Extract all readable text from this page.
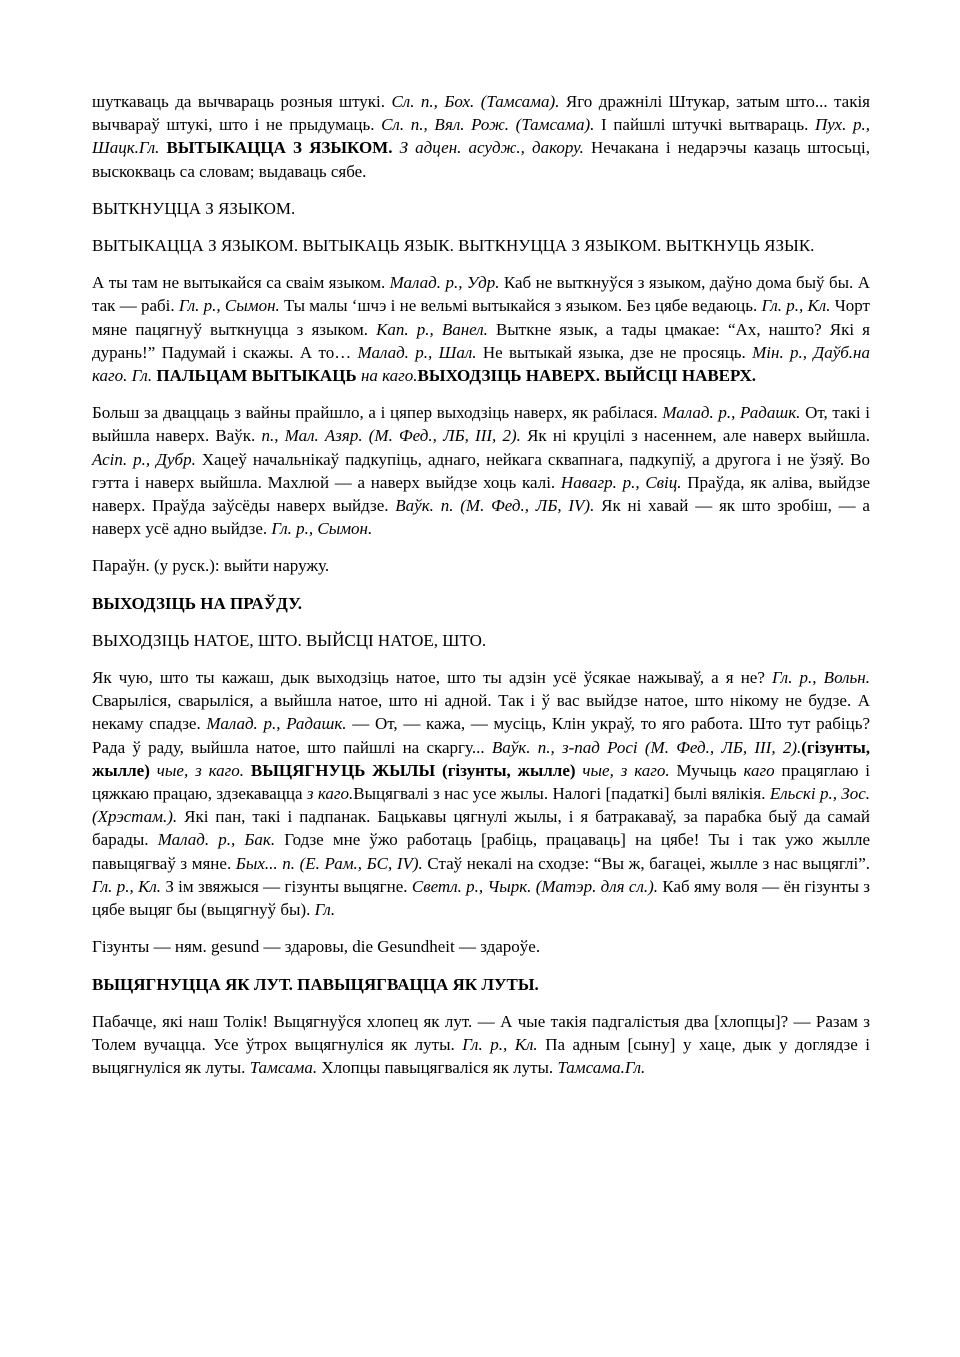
шуткаваць да вычвараць розныя штукі. Сл. п., Бох. (Тамсама). Яго дражнілі Штукар, затым што... такія вычвараў штукі, што і не прыдумаць. Сл. п., Вял. Рож. (Тамсама). І пайшлі штучкі вытвараць. Пух. р., Шацк.Гл. ВЫТЫКАЦЦА З ЯЗЫКОМ. З адцен. асудж., дакору. Нечакана і недарэчы казаць штосьці, выскокваць са словам; выдаваць сябе.

ВЫТКНУЦЦА З ЯЗЫКОМ.

ВЫТЫКАЦЦА З ЯЗЫКОМ. ВЫТЫКАЦЬ ЯЗЫК. ВЫТКНУЦЦА З ЯЗЫКОМ. ВЫТКНУЦЬ ЯЗЫК.

А ты там не вытыкайся са сваім языком. Малад. р., Удр. Каб не выткнуўся з языком, даўно дома быў бы. А так — рабі. Гл. р., Сымон. Ты малы ‘шчэ і не вельмі вытыкайся з языком. Без цябе ведаюць. Гл. р., Кл. Чорт мяне пацягнуў выткнуцца з языком. Кап. р., Ванел. Выткне язык, а тады цмакае: “Ах, нашто? Які я дурань!” Падумай і скажы. А то… Малад. р., Шал. Не вытыкай языка, дзе не просяць. Мін. р., Даўб.на каго. Гл. ПАЛЬЦАМ ВЫТЫКАЦЬ на каго.ВЫХОДЗІЦЬ НАВЕРХ. ВЫЙСЦІ НАВЕРХ.

Больш за дваццаць з вайны прайшло, а і цяпер выходзіць наверх, як рабілася. Малад. р., Радашк. От, такі і выйшла наверх. Ваўк. п., Мал. Азяр. (М. Фед., ЛБ, ІІІ, 2). Як ні круцілі з насеннем, але наверх выйшла. Асіп. р., Дубр. Хацеў начальнікаў падкупіць, аднаго, нейкага сквапнага, падкупіў, а другога і не ўзяў. Во гэтта і наверх выйшла. Махлюй — а наверх выйдзе хоць калі. Навагр. р., Свіц. Праўда, як аліва, выйдзе наверх. Праўда заўсёды наверх выйдзе. Ваўк. п. (М. Фед., ЛБ, IV). Як ні хавай — як што зробіш, — а наверх усё адно выйдзе. Гл. р., Сымон.

Параўн. (у руск.): выйти наружу.

ВЫХОДЗІЦЬ НА ПРАЎДУ.

ВЫХОДЗІЦЬ НАТОЕ, ШТО. ВЫЙСЦІ НАТОЕ, ШТО.

Як чую, што ты кажаш, дык выходзіць натое, што ты адзін усё ўсякае нажываў, а я не? Гл. р., Вольн. Сварыліся, сварыліся, а выйшла натое, што ні адной. Так і ў вас выйдзе натое, што нікому не будзе. А некаму спадзе. Малад. р., Радашк. — От, — кажа, — мусіць, Клін украў, то яго работа. Што тут рабіць? Рада ў раду, выйшла натое, што пайшлі на скаргу... Ваўк. п., з-пад Росі (М. Фед., ЛБ, ІІІ, 2).(гізунты, жылле) чые, з каго. ВЫЦЯГНУЦЬ ЖЫЛЫ (гізунты, жылле) чые, з каго. Мучыць каго працяглаю і цяжкаю працаю, здзекавацца з каго.Выцягвалі з нас усе жылы. Налогі [падаткі] былі вялікія. Ельскі р., Зос. (Хрэстам.). Які пан, такі і падпанак. Бацькавы цягнулі жылы, і я батракаваў, за парабка быў да самай барады. Малад. р., Бак. Годзе мне ўжо работаць [рабіць, працаваць] на цябе! Ты і так ужо жылле павыцягваў з мяне. Бых... п. (Е. Рам., БС, IV). Стаў некалі на сходзе: “Вы ж, багацеі, жылле з нас выцяглі”. Гл. р., Кл. З ім звяжыся — гізунты выцягне. Светл. р., Чырк. (Матэр. для сл.). Каб яму воля — ён гізунты з цябе выцяг бы (выцягнуў бы). Гл.

Гізунты — ням. gesund — здаровы, die Gesundheit — здароўе.

ВЫЦЯГНУЦЦА ЯК ЛУТ. ПАВЫЦЯГВАЦЦА ЯК ЛУТЫ.

Пабачце, які наш Толік! Выцягнуўся хлопец як лут. — А чые такія падгалістыя два [хлопцы]? — Разам з Толем вучацца. Усе ўтрох выцягнуліся як луты. Гл. р., Кл. Па адным [сыну] у хаце, дык у доглядзе і выцягнуліся як луты. Тамсама. Хлопцы павыцягваліся як луты. Тамсама.Гл.
